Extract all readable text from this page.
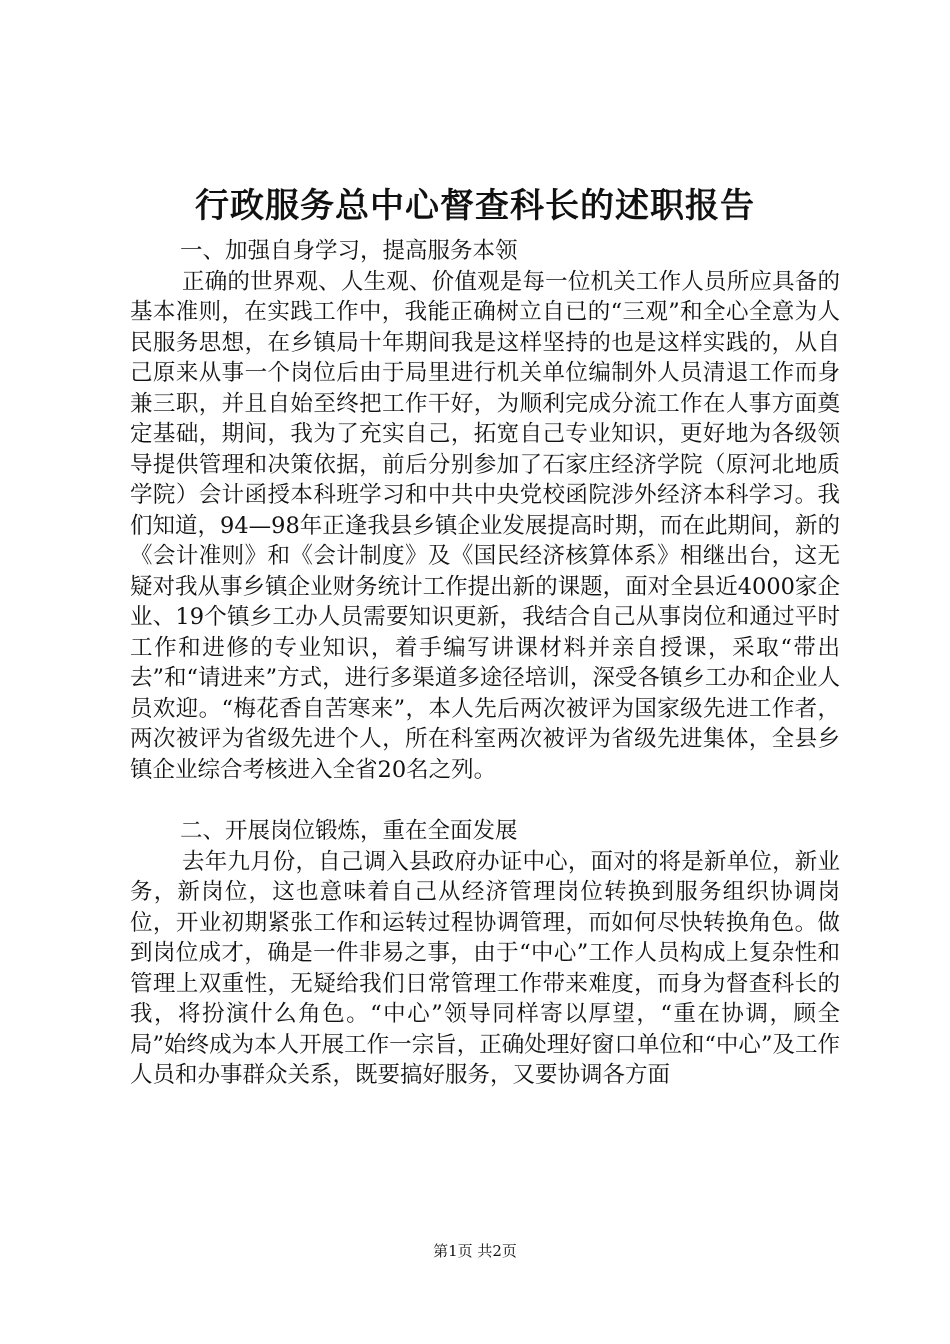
行政服务总中心督查科长的述职报告

一、加强自身学习，提高服务本领

正确的世界观、人生观、价值观是每一位机关工作人员所应具备的基本准则，在实践工作中，我能正确树立自已的“三观”和全心全意为人民服务思想，在乡镇局十年期间我是这样坚持的也是这样实践的，从自己原来从事一个岗位后由于局里进行机关单位编制外人员清退工作而身兼三职，并且自始至终把工作干好，为顺利完成分流工作在人事方面奠定基础，期间，我为了充实自己，拓宽自己专业知识，更好地为各级领导提供管理和决策依据，前后分别参加了石家庄经济学院（原河北地质学院）会计函授本科班学习和中共中央党校函院涉外经济本科学习。我们知道，94—98年正逢我县乡镇企业发展提高时期，而在此期间，新的《会计准则》和《会计制度》及《国民经济核算体系》相继出台，这无疑对我从事乡镇企业财务统计工作提出新的课题，面对全县近4000家企业、19个镇乡工办人员需要知识更新，我结合自己从事岗位和通过平时工作和进修的专业知识，着手编写讲课材料并亲自授课，采取“带出去”和“请进来”方式，进行多渠道多途径培训，深受各镇乡工办和企业人员欢迎。“梅花香自苦寒来”，本人先后两次被评为国家级先进工作者，两次被评为省级先进个人，所在科室两次被评为省级先进集体，全县乡镇企业综合考核进入全省20名之列。

二、开展岗位锻炼，重在全面发展

去年九月份，自己调入县政府办证中心，面对的将是新单位，新业务，新岗位，这也意味着自己从经济管理岗位转换到服务组织协调岗位，开业初期紧张工作和运转过程协调管理，而如何尽快转换角色。做到岗位成才，确是一件非易之事，由于“中心”工作人员构成上复杂性和管理上双重性，无疑给我们日常管理工作带来难度，而身为督查科长的我，将扮演什么角色。“中心”领导同样寄以厚望，“重在协调，顾全局”始终成为本人开展工作一宗旨，正确处理好窗口单位和“中心”及工作人员和办事群众关系，既要搞好服务，又要协调各方面

第1页 共2页
